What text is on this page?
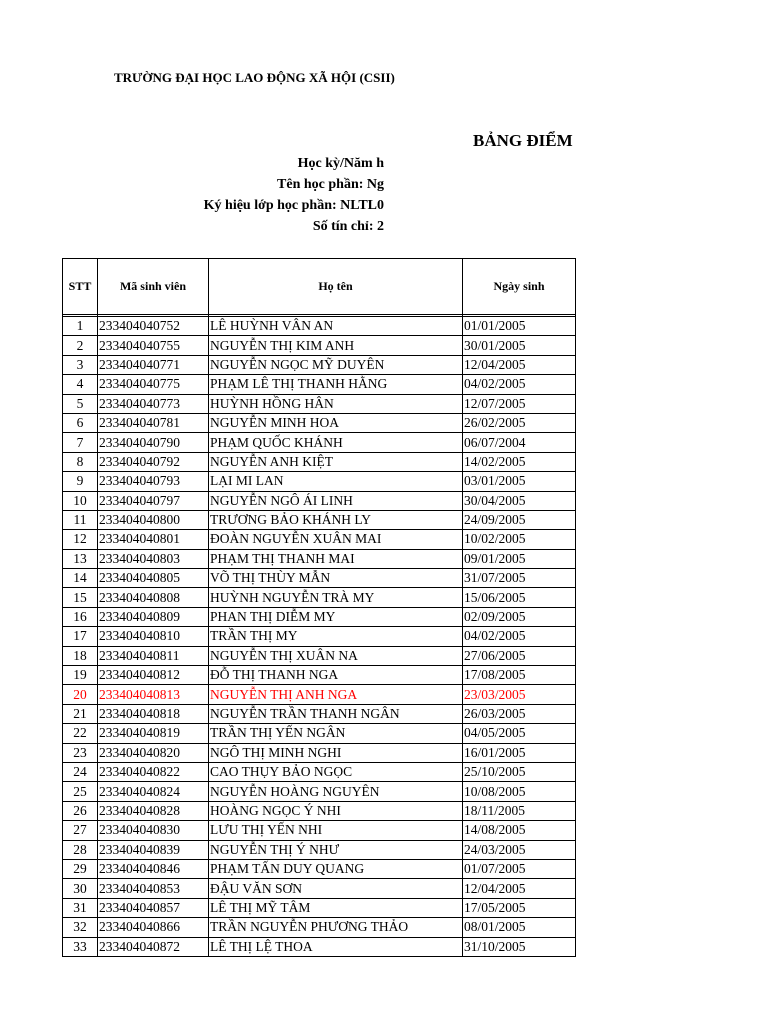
TRƯỜNG ĐẠI HỌC LAO ĐỘNG XÃ HỘI (CSII)
BẢNG ĐIỂM
Học kỳ/Năm h
Tên học phần: Ng
Ký hiệu lớp học phần: NLTL0
Số tín chỉ: 2
STT	Mã sinh viên	Họ tên	Ngày sinh

1	233404040752	LÊ HUỲNH VÂN AN	01/01/2005
2	233404040755	NGUYỄN THỊ KIM ANH	30/01/2005
3	233404040771	NGUYỄN NGỌC MỸ DUYÊN	12/04/2005
4	233404040775	PHẠM LÊ THỊ THANH HẰNG	04/02/2005
5	233404040773	HUỲNH HỒNG HÂN	12/07/2005
6	233404040781	NGUYỄN MINH HOA	26/02/2005
7	233404040790	PHẠM QUỐC KHÁNH	06/07/2004
8	233404040792	NGUYỄN ANH KIỆT	14/02/2005
9	233404040793	LẠI MI LAN	03/01/2005
10	233404040797	NGUYỄN NGÔ ÁI LINH	30/04/2005
11	233404040800	TRƯƠNG BẢO KHÁNH LY	24/09/2005
12	233404040801	ĐOÀN NGUYỄN XUÂN MAI	10/02/2005
13	233404040803	PHẠM THỊ THANH MAI	09/01/2005
14	233404040805	VÕ THỊ THÙY MẪN	31/07/2005
15	233404040808	HUỲNH NGUYỄN TRÀ MY	15/06/2005
16	233404040809	PHAN THỊ DIỄM MY	02/09/2005
17	233404040810	TRẦN THỊ MY	04/02/2005
18	233404040811	NGUYỄN THỊ XUÂN NA	27/06/2005
19	233404040812	ĐỖ THỊ THANH NGA	17/08/2005
20	233404040813	NGUYỄN THỊ ANH NGA	23/03/2005
21	233404040818	NGUYỄN TRẦN THANH NGÂN	26/03/2005
22	233404040819	TRẦN THỊ YẾN NGÂN	04/05/2005
23	233404040820	NGÔ THỊ MINH NGHI	16/01/2005
24	233404040822	CAO THỤY BẢO NGỌC	25/10/2005
25	233404040824	NGUYỄN HOÀNG NGUYÊN	10/08/2005
26	233404040828	HOÀNG NGỌC Ý NHI	18/11/2005
27	233404040830	LƯU THỊ YẾN NHI	14/08/2005
28	233404040839	NGUYỄN THỊ Ý NHƯ	24/03/2005
29	233404040846	PHẠM TẤN DUY QUANG	01/07/2005
30	233404040853	ĐẬU VĂN SƠN	12/04/2005
31	233404040857	LÊ THỊ MỸ TÂM	17/05/2005
32	233404040866	TRẦN NGUYỄN PHƯƠNG THẢO	08/01/2005
33	233404040872	LÊ THỊ LỆ THOA	31/10/2005
